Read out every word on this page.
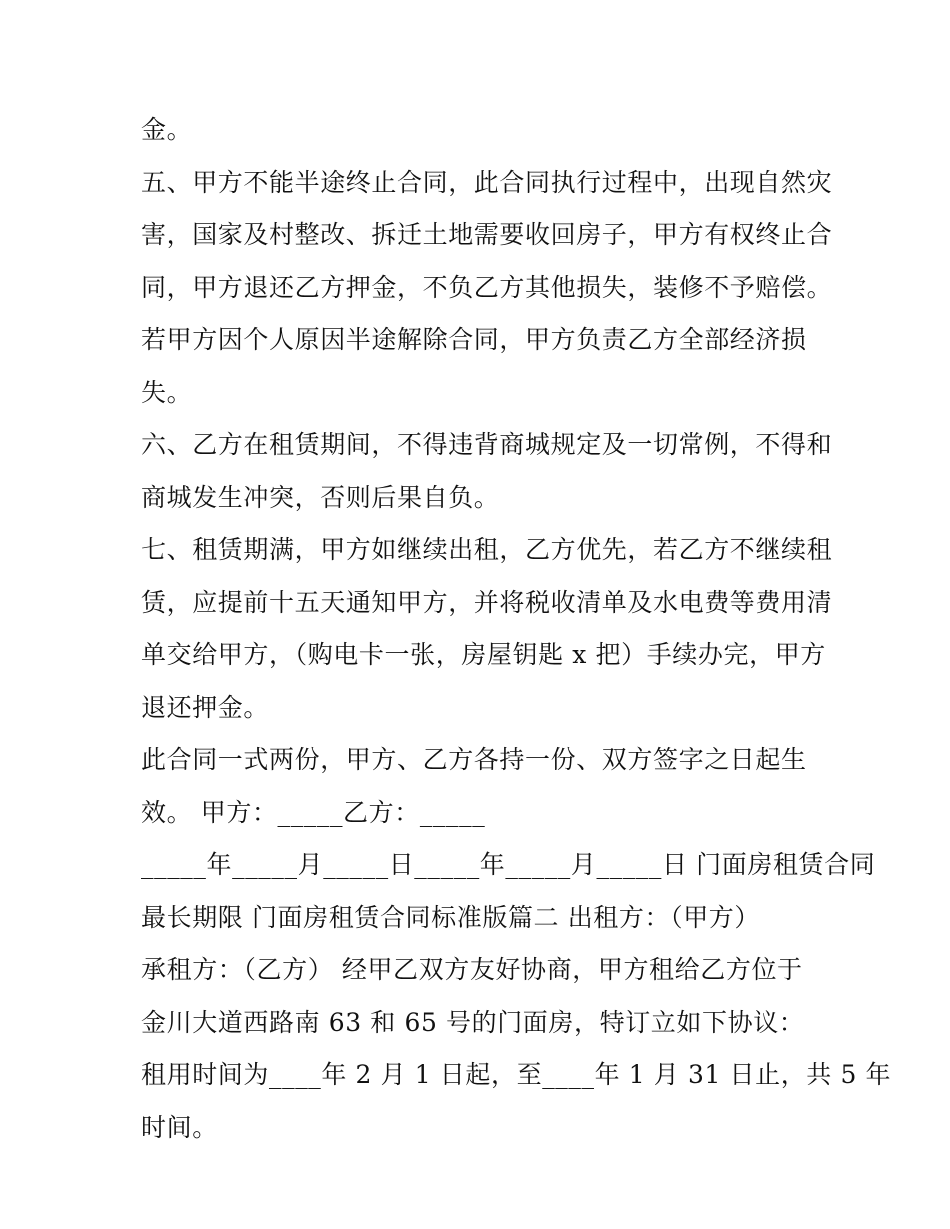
金。
五、甲方不能半途终止合同，此合同执行过程中，出现自然灾
害，国家及村整改、拆迁土地需要收回房子，甲方有权终止合
同，甲方退还乙方押金，不负乙方其他损失，装修不予赔偿。
若甲方因个人原因半途解除合同，甲方负责乙方全部经济损
失。
六、乙方在租赁期间，不得违背商城规定及一切常例，不得和
商城发生冲突，否则后果自负。
七、租赁期满，甲方如继续出租，乙方优先，若乙方不继续租
赁，应提前十五天通知甲方，并将税收清单及水电费等费用清
单交给甲方，（购电卡一张，房屋钥匙 x 把）手续办完，甲方
退还押金。
此合同一式两份，甲方、乙方各持一份、双方签字之日起生
效。 甲方：_____乙方：_____
_____年_____月_____日_____年_____月_____日 门面房租赁合同
最长期限 门面房租赁合同标准版篇二 出租方：（甲方）
承租方：（乙方） 经甲乙双方友好协商，甲方租给乙方位于
金川大道西路南 63 和 65 号的门面房，特订立如下协议：
租用时间为____年 2 月 1 日起，至____年 1 月 31 日止，共 5 年
时间。
